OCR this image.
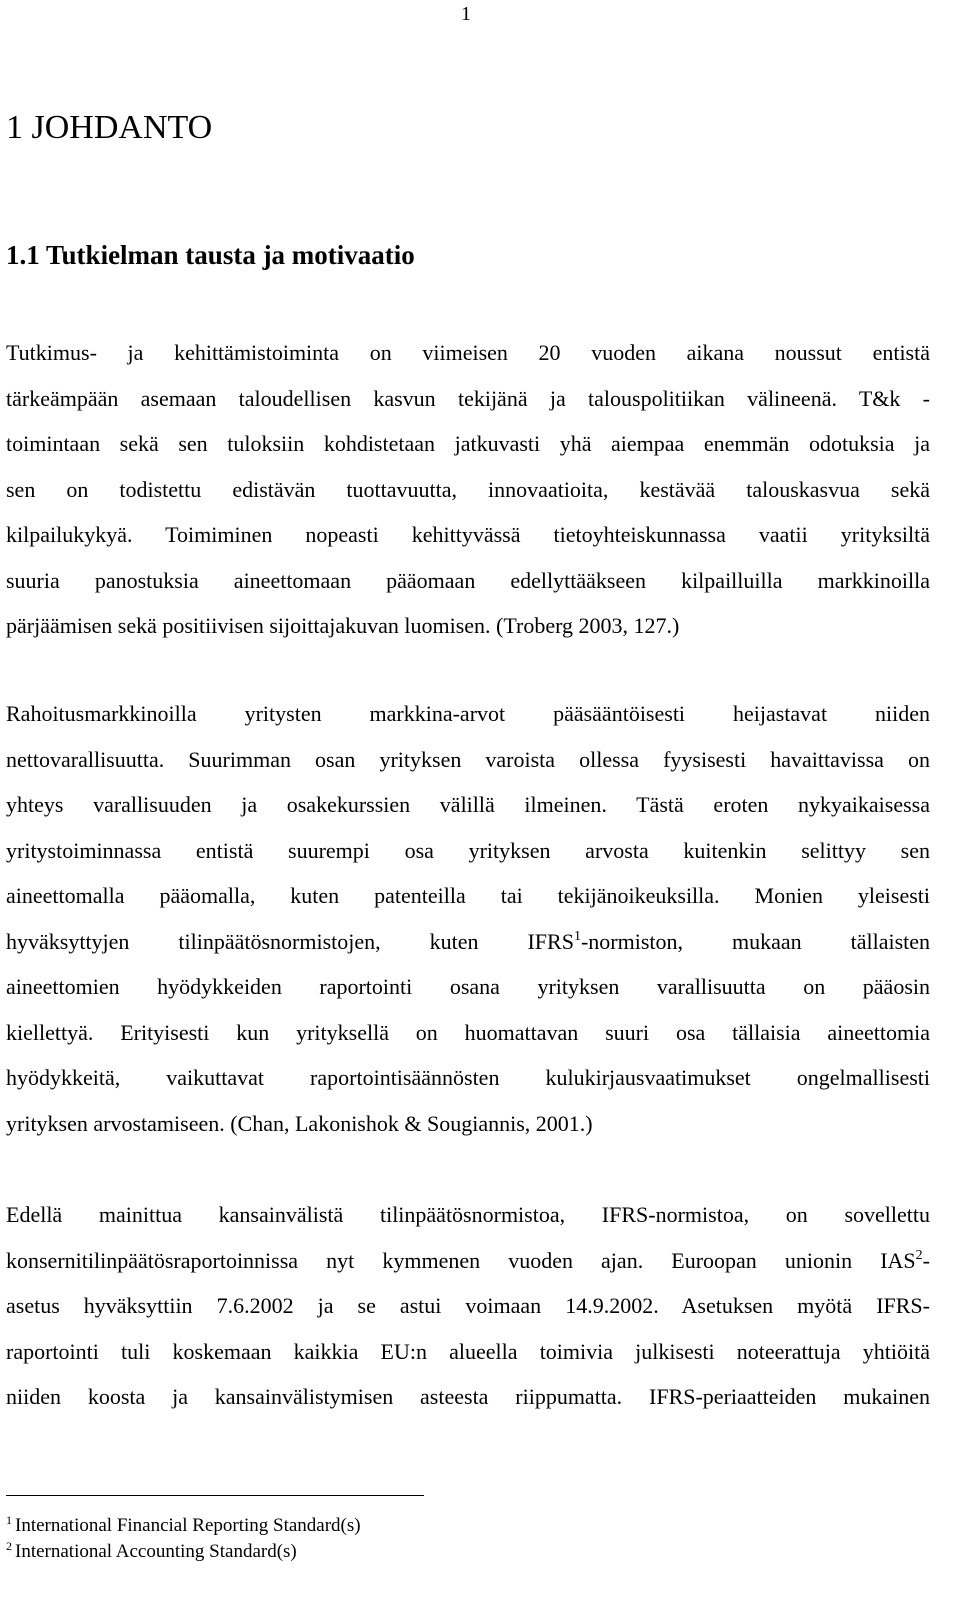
1
1 JOHDANTO
1.1 Tutkielman tausta ja motivaatio

Tutkimus- ja kehittämistoiminta on viimeisen 20 vuoden aikana noussut entistä
tärkeämpään asemaan taloudellisen kasvun tekijänä ja talouspolitiikan välineenä. T&k -
toimintaan sekä sen tuloksiin kohdistetaan jatkuvasti yhä aiempaa enemmän odotuksia ja
sen on todistettu edistävän tuottavuutta, innovaatioita, kestävää talouskasvua sekä
kilpailukykyä. Toimiminen nopeasti kehittyvässä tietoyhteiskunnassa vaatii yrityksiltä
suuria panostuksia aineettomaan pääomaan edellyttääkseen kilpailluilla markkinoilla
pärjäämisen sekä positiivisen sijoittajakuvan luomisen. (Troberg 2003, 127.)

Rahoitusmarkkinoilla yritysten markkina-arvot pääsääntöisesti heijastavat niiden
nettovarallisuutta. Suurimman osan yrityksen varoista ollessa fyysisesti havaittavissa on
yhteys varallisuuden ja osakekurssien välillä ilmeinen. Tästä eroten nykyaikaisessa
yritystoiminnassa entistä suurempi osa yrityksen arvosta kuitenkin selittyy sen
aineettomalla pääomalla, kuten patenteilla tai tekijänoikeuksilla. Monien yleisesti
hyväksyttyjen tilinpäätösnormistojen, kuten IFRS$^1$-normiston, mukaan tällaisten
aineettomien hyödykkeiden raportointi osana yrityksen varallisuutta on pääosin
kiellettyä. Erityisesti kun yrityksellä on huomattavan suuri osa tällaisia aineettomia
hyödykkeitä, vaikuttavat raportointisäännösten kulukirjausvaatimukset ongelmallisesti
yrityksen arvostamiseen. (Chan, Lakonishok & Sougiannis, 2001.)

Edellä mainittua kansainvälistä tilinpäätösnormistoa, IFRS-normistoa, on sovellettu
konsernitilinpäätösraportoinnissa nyt kymmenen vuoden ajan. Euroopan unionin IAS$^2$-
asetus hyväksyttiin 7.6.2002 ja se astui voimaan 14.9.2002. Asetuksen myötä IFRS-
raportointi tuli koskemaan kaikkia EU:n alueella toimivia julkisesti noteerattuja yhtiöitä
niiden koosta ja kansainvälistymisen asteesta riippumatta. IFRS-periaatteiden mukainen

$^1$ International Financial Reporting Standard(s)
$^2$ International Accounting Standard(s)
